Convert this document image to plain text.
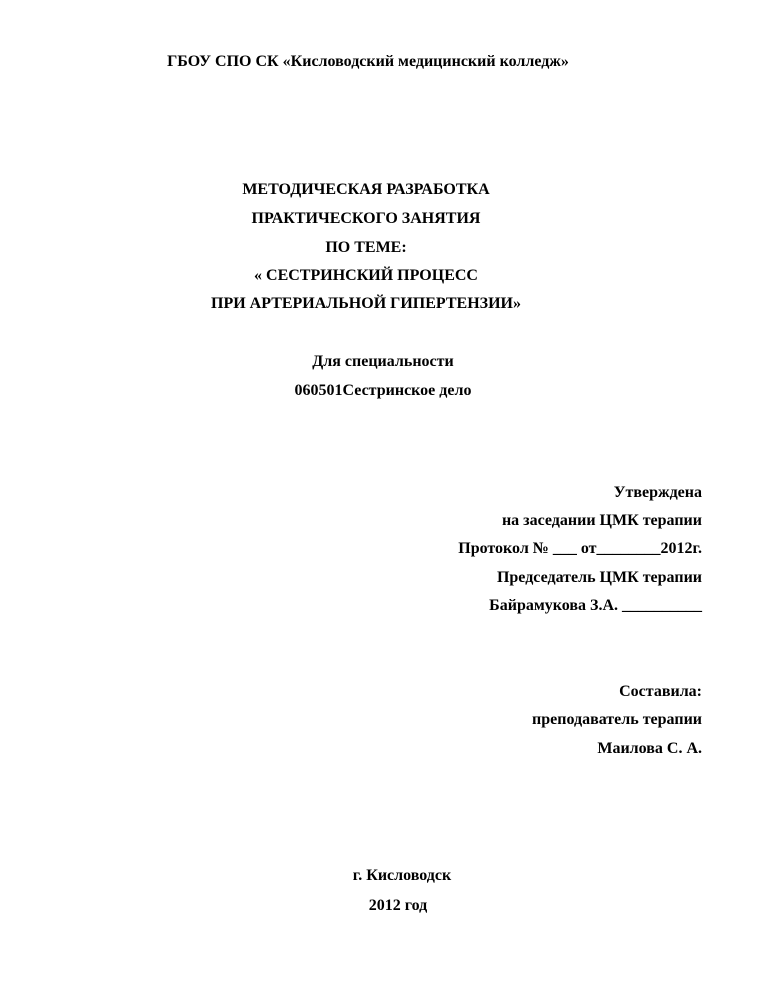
ГБОУ СПО СК «Кисловодский медицинский колледж»
МЕТОДИЧЕСКАЯ РАЗРАБОТКА
ПРАКТИЧЕСКОГО ЗАНЯТИЯ
ПО ТЕМЕ:
« СЕСТРИНСКИЙ ПРОЦЕСС
ПРИ АРТЕРИАЛЬНОЙ ГИПЕРТЕНЗИИ»
Для специальности
060501Сестринское дело
Утверждена
на заседании ЦМК терапии
Протокол № ___ от________2012г.
Председатель ЦМК терапии
Байрамукова З.А. __________
Составила:
преподаватель терапии
Маилова С. А.
г. Кисловодск
2012 год
